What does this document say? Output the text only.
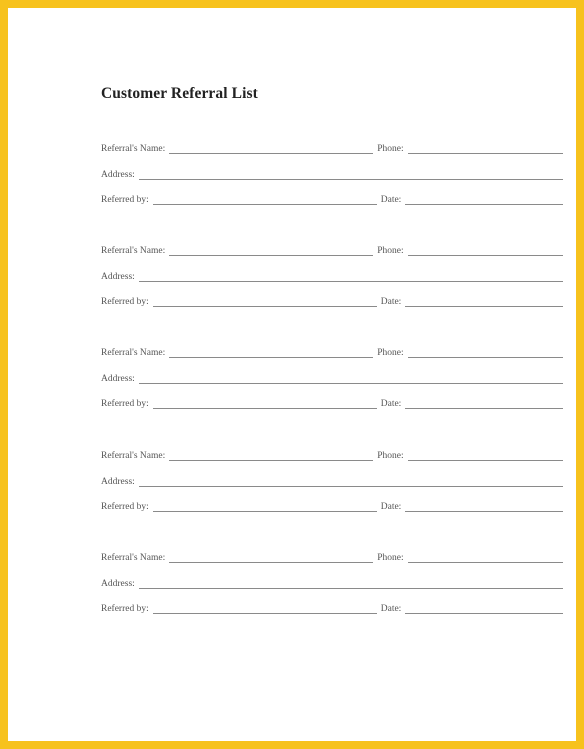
Customer Referral List
Referral's Name:	Phone:
Address:
Referred by:	Date:
Referral's Name:	Phone:
Address:
Referred by:	Date:
Referral's Name:	Phone:
Address:
Referred by:	Date:
Referral's Name:	Phone:
Address:
Referred by:	Date:
Referral's Name:	Phone:
Address:
Referred by:	Date:
